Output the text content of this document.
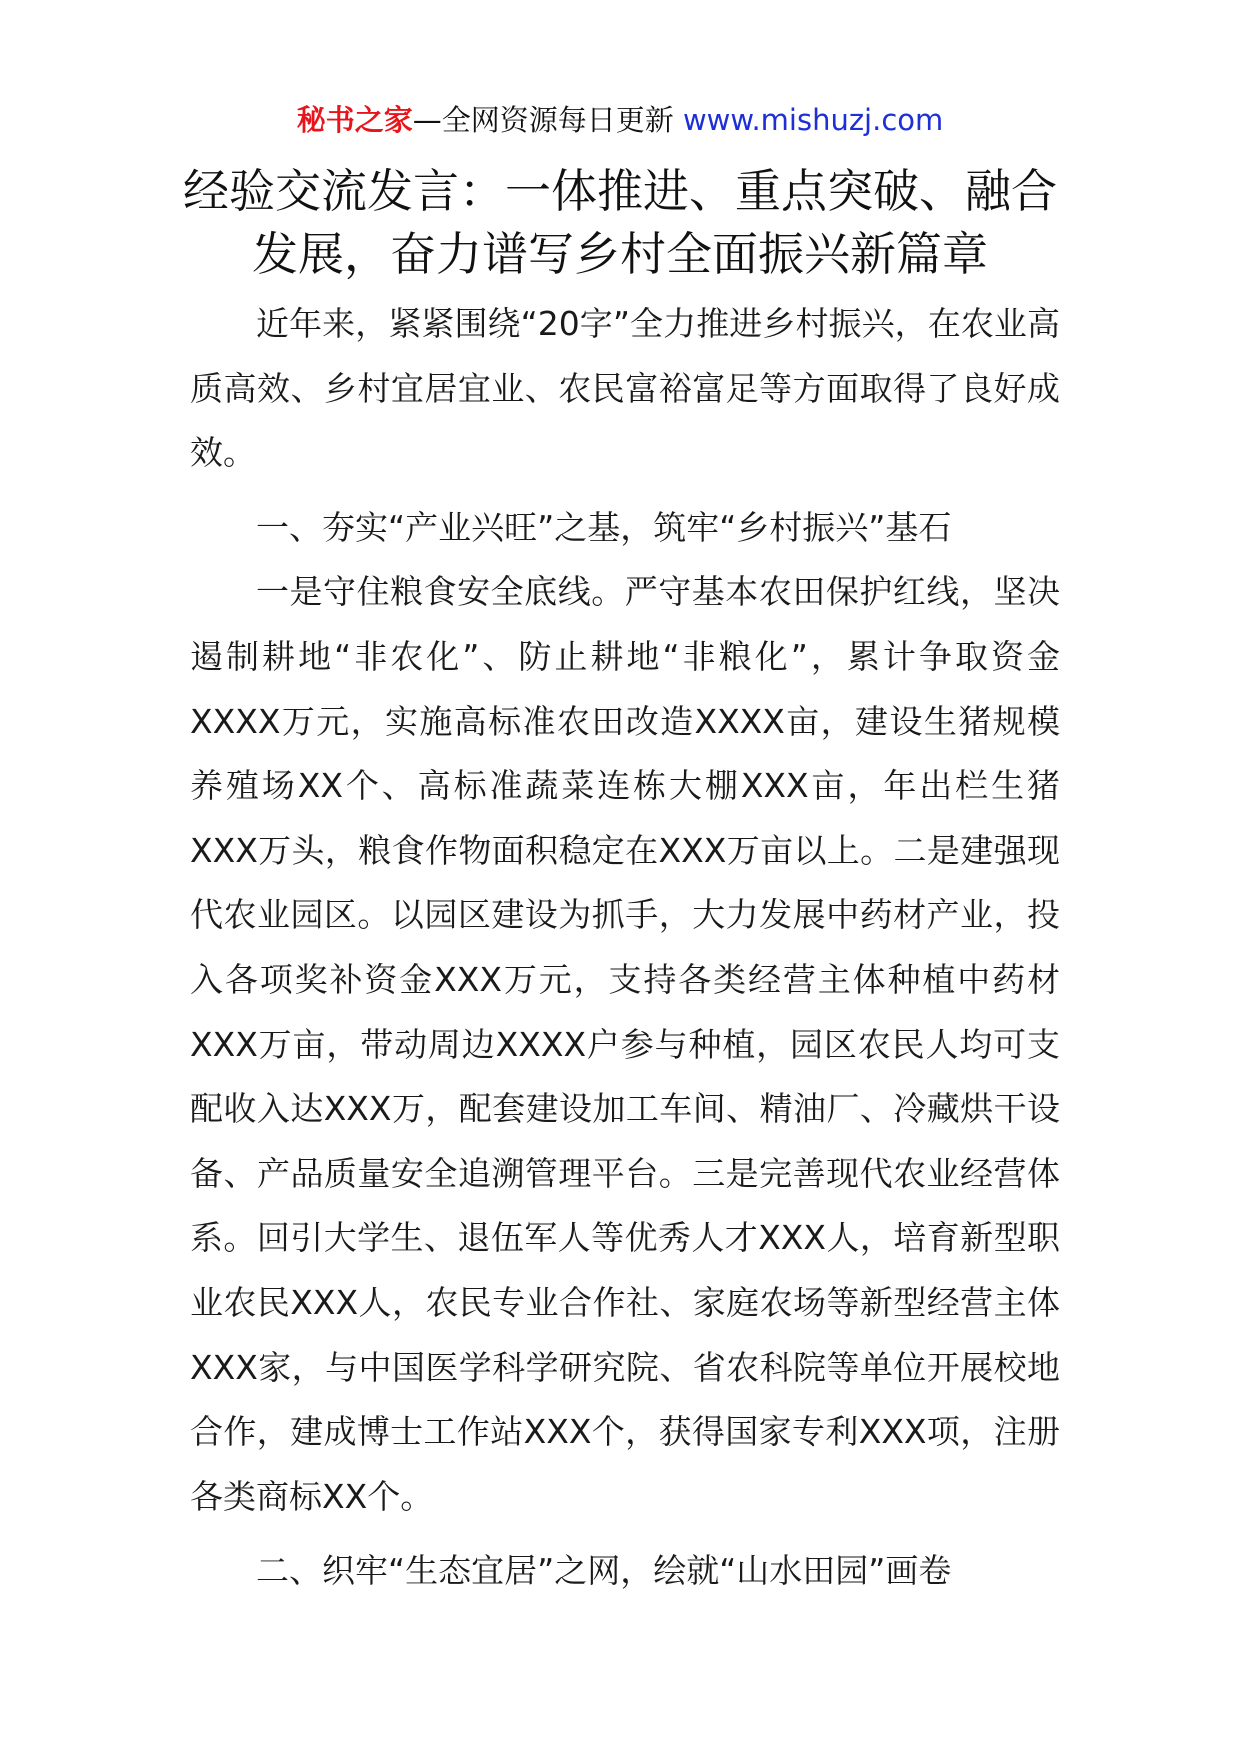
秘书之家—全网资源每日更新 www.mishuzj.com
经验交流发言：一体推进、重点突破、融合发展，奋力谱写乡村全面振兴新篇章

近年来，紧紧围绕“20字”全力推进乡村振兴，在农业高质高效、乡村宜居宜业、农民富裕富足等方面取得了良好成效。

一、夯实“产业兴旺”之基，筑牢“乡村振兴”基石

一是守住粮食安全底线。严守基本农田保护红线，坚决遏制耕地“非农化”、防止耕地“非粮化”，累计争取资金XXXX万元，实施高标准农田改造XXXX亩，建设生猪规模养殖场XX个、高标准蔬菜连栋大棚XXX亩，年出栏生猪XXX万头，粮食作物面积稳定在XXX万亩以上。二是建强现代农业园区。以园区建设为抓手，大力发展中药材产业，投入各项奖补资金XXX万元，支持各类经营主体种植中药材XXX万亩，带动周边XXXX户参与种植，园区农民人均可支配收入达XXX万，配套建设加工车间、精油厂、冷藏烘干设备、产品质量安全追溯管理平台。三是完善现代农业经营体系。回引大学生、退伍军人等优秀人才XXX人，培育新型职业农民XXX人，农民专业合作社、家庭农场等新型经营主体XXX家，与中国医学科学研究院、省农科院等单位开展校地合作，建成博士工作站XXX个，获得国家专利XXX项，注册各类商标XX个。

二、织牢“生态宜居”之网，绘就“山水田园”画卷
